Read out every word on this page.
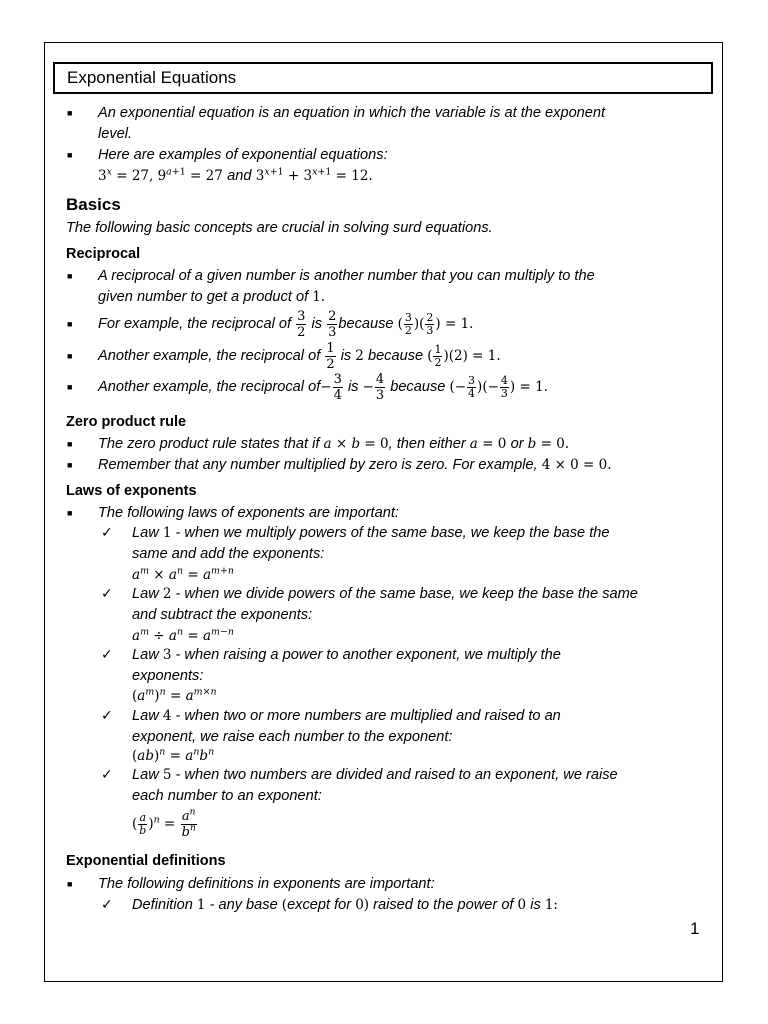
Exponential Equations
■ An exponential equation is an equation in which the variable is at the exponent
level.
■ Here are examples of exponential equations:
$3^x = 27$, $9^{a+1} = 27$ and $3^{x+1} + 3^{x+1} = 12$.
Basics
The following basic concepts are crucial in solving surd equations.
Reciprocal
■ A reciprocal of a given number is another number that you can multiply to the
given number to get a product of 1.
■ For example, the reciprocal of $\frac{3}{2}$ is $\frac{2}{3}$ because ( $\frac{3}{2}$ )( $\frac{2}{3}$ ) = 1.
■ Another example, the reciprocal of $\frac{1}{2}$ is 2 because ( $\frac{1}{2} )(2) = 1$.
■ Another example, the reciprocal $of- \frac{3}{4}$ is − $\frac{4}{3}$ because (− $\frac{3}{4}$ )(− $\frac{4}{3}$ ) = 1.
Zero product rule
■ The zero product rule states that if a × b = 0, then either a = 0 or b = 0.
■ Remember that any number multiplied by zero is zero. For example, 4 × 0 = 0.
Laws of exponents
■ The following laws of exponents are important:
✓ Law 1 - when we multiply powers of the same base, we keep the base the
same and add the exponents:
$a^m \times a^n = a^{m+n}$
✓ Law 2 - when we divide powers of the same base, we keep the base the same
and subtract the exponents:
$a^m \div a^n = a^{m-n}$
✓ Law 3 - when raising a power to another exponent, we multiply the
exponents:
$(a^m)^n = a^{m\times n}$
✓ Law 4 - when two or more numbers are multiplied and raised to an
exponent, we raise each number to the exponent:
$(ab)^n = a^nb^n$
✓ Law 5 - when two numbers are divided and raised to an exponent, we raise
each number to an exponent:
( $\frac{a}{b} )^n = \frac{a^n}{b^n}$
Exponential definitions
■ The following definitions in exponents are important:
✓ Definition 1 - any base (except for 0) raised to the power of 0 is 1:
1
